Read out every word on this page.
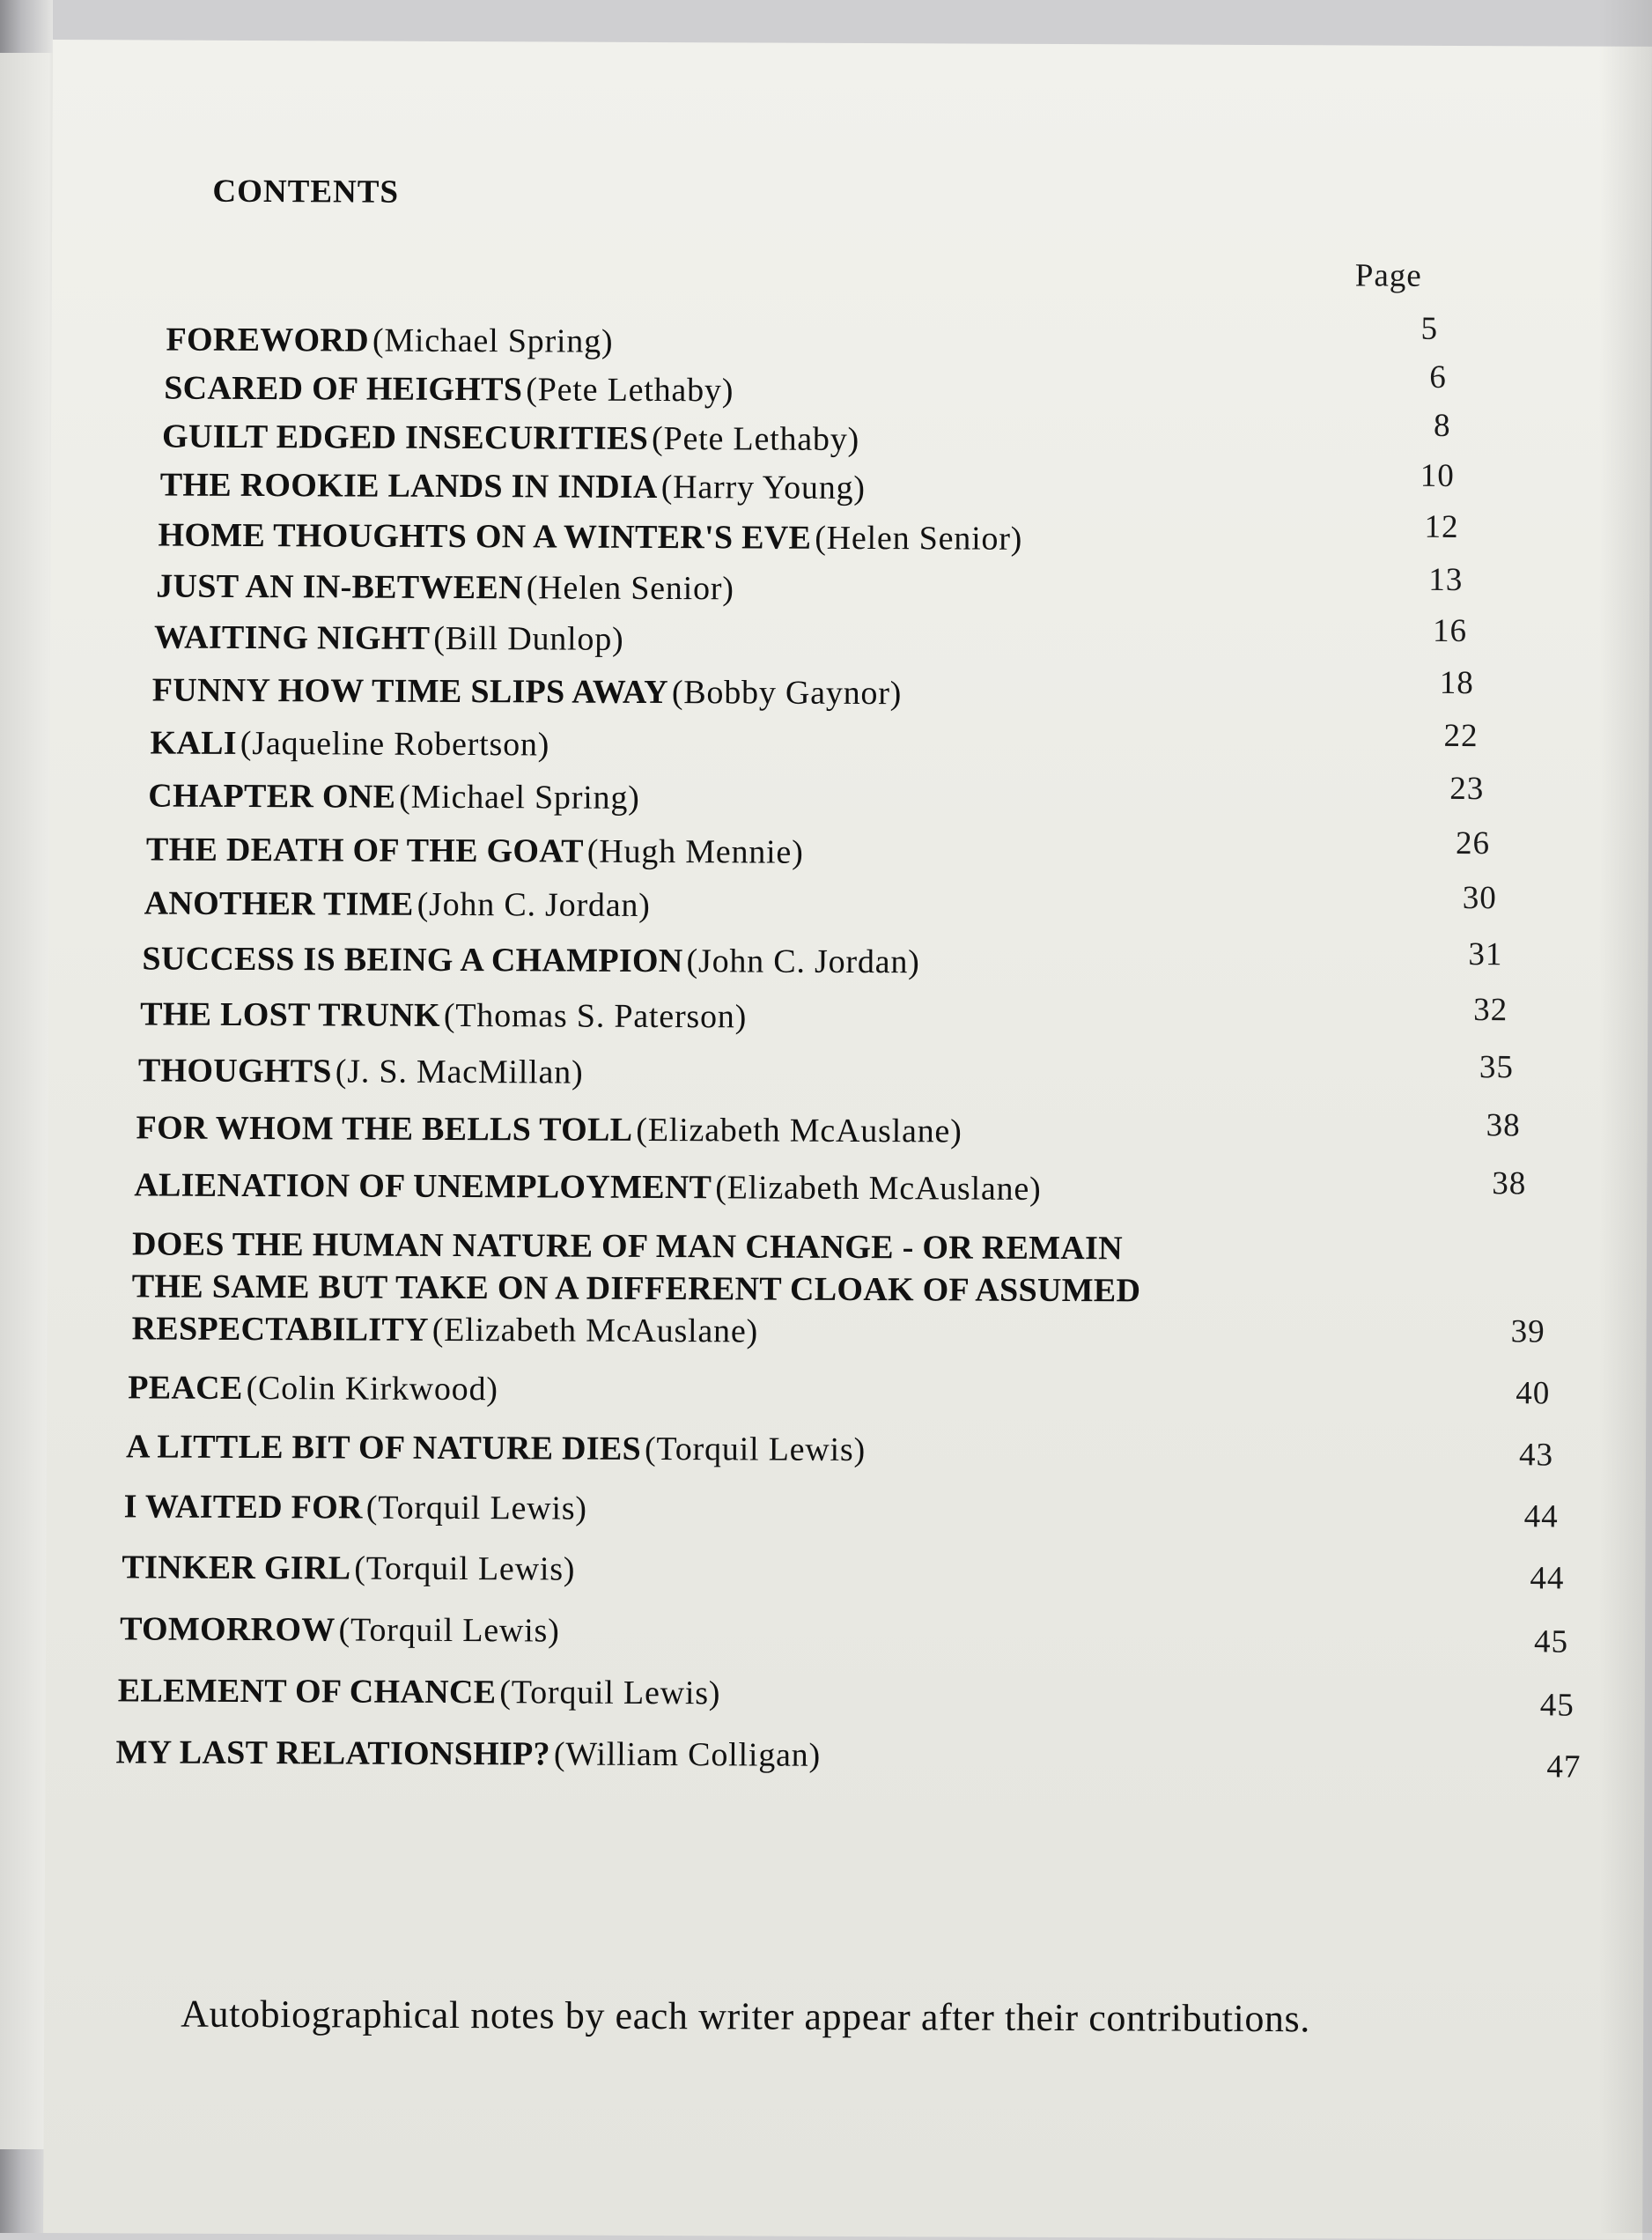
CONTENTS
Page
FOREWORD (Michael Spring)	5
SCARED OF HEIGHTS (Pete Lethaby)	6
GUILT EDGED INSECURITIES (Pete Lethaby)	8
THE ROOKIE LANDS IN INDIA (Harry Young)	10
HOME THOUGHTS ON A WINTER'S EVE (Helen Senior)	12
JUST AN IN-BETWEEN (Helen Senior)	13
WAITING NIGHT (Bill Dunlop)	16
FUNNY HOW TIME SLIPS AWAY (Bobby Gaynor)	18
KALI (Jaqueline Robertson)	22
CHAPTER ONE (Michael Spring)	23
THE DEATH OF THE GOAT (Hugh Mennie)	26
ANOTHER TIME (John C. Jordan)	30
SUCCESS IS BEING A CHAMPION (John C. Jordan)	31
THE LOST TRUNK (Thomas S. Paterson)	32
THOUGHTS (J. S. MacMillan)	35
FOR WHOM THE BELLS TOLL (Elizabeth McAuslane)	38
ALIENATION OF UNEMPLOYMENT (Elizabeth McAuslane)	38
DOES THE HUMAN NATURE OF MAN CHANGE - OR REMAIN
THE SAME BUT TAKE ON A DIFFERENT CLOAK OF ASSUMED
RESPECTABILITY (Elizabeth McAuslane)	39
PEACE (Colin Kirkwood)	40
A LITTLE BIT OF NATURE DIES (Torquil Lewis)	43
I WAITED FOR (Torquil Lewis)	44
TINKER GIRL (Torquil Lewis)	44
TOMORROW (Torquil Lewis)	45
ELEMENT OF CHANCE (Torquil Lewis)	45
MY LAST RELATIONSHIP? (William Colligan)	47
Autobiographical notes by each writer appear after their contributions.
